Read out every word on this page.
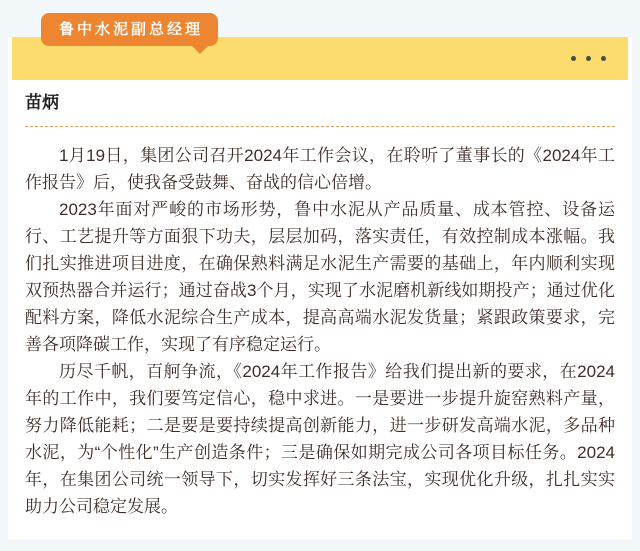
苗炳

1月19日，集团公司召开2024年工作会议，在聆听了董事长的《2024年工作报告》后，使我备受鼓舞、奋战的信心倍增。

2023年面对严峻的市场形势，鲁中水泥从产品质量、成本管控、设备运行、工艺提升等方面狠下功夫，层层加码，落实责任，有效控制成本涨幅。我们扎实推进项目进度，在确保熟料满足水泥生产需要的基础上，年内顺利实现双预热器合并运行；通过奋战3个月，实现了水泥磨机新线如期投产；通过优化配料方案，降低水泥综合生产成本，提高高端水泥发货量；紧跟政策要求，完善各项降碳工作，实现了有序稳定运行。

历尽千帆，百舸争流，《2024年工作报告》给我们提出新的要求，在2024年的工作中，我们要笃定信心，稳中求进。一是要进一步提升旋窑熟料产量，努力降低能耗；二是要是要持续提高创新能力，进一步研发高端水泥，多品种水泥，为“个性化”生产创造条件；三是确保如期完成公司各项目标任务。2024年，在集团公司统一领导下，切实发挥好三条法宝，实现优化升级，扎扎实实助力公司稳定发展。

鲁中水泥副总经理
